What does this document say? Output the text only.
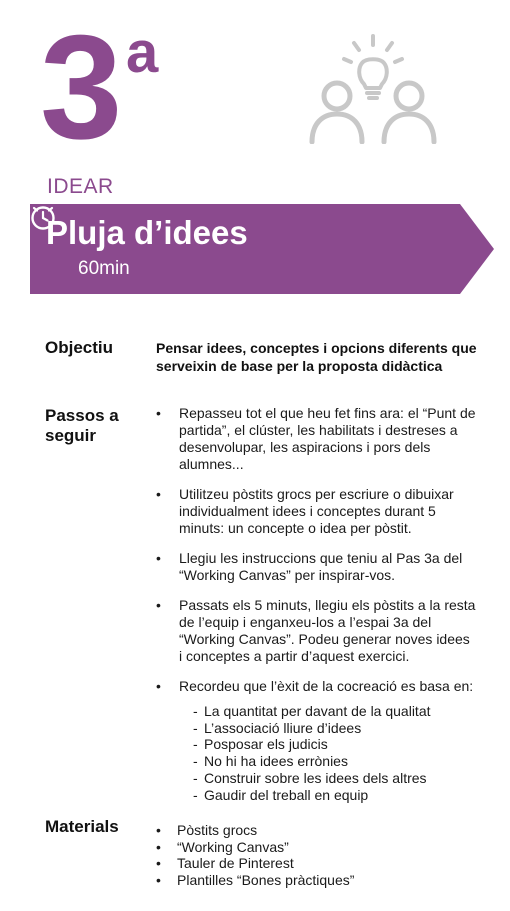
3 a
IDEAR
Pluja d’idees
60min
Objectiu	Pensar idees, conceptes i opcions diferents que serveixin de base per la proposta didàctica
Passos a
seguir
• Repasseu tot el que heu fet fins ara: el “Punt de partida”, el clúster, les habilitats i destreses a desenvolupar, les aspiracions i pors dels alumnes...
• Utilitzeu pòstits grocs per escriure o dibuixar individualment idees i conceptes durant 5 minuts: un concepte o idea per pòstit.
• Llegiu les instruccions que teniu al Pas 3a del “Working Canvas” per inspirar-vos.
• Passats els 5 minuts, llegiu els pòstits a la resta de l’equip i enganxeu-los a l’espai 3a del “Working Canvas”. Podeu generar noves idees i conceptes a partir d’aquest exercici.
• Recordeu que l’èxit de la cocreació es basa en:
- La quantitat per davant de la qualitat
- L’associació lliure d’idees
- Posposar els judicis
- No hi ha idees errònies
- Construir sobre les idees dels altres
- Gaudir del treball en equip
Materials
•	Pòstits grocs
• “Working Canvas”
• Tauler de Pinterest
• Plantilles “Bones pràctiques”
